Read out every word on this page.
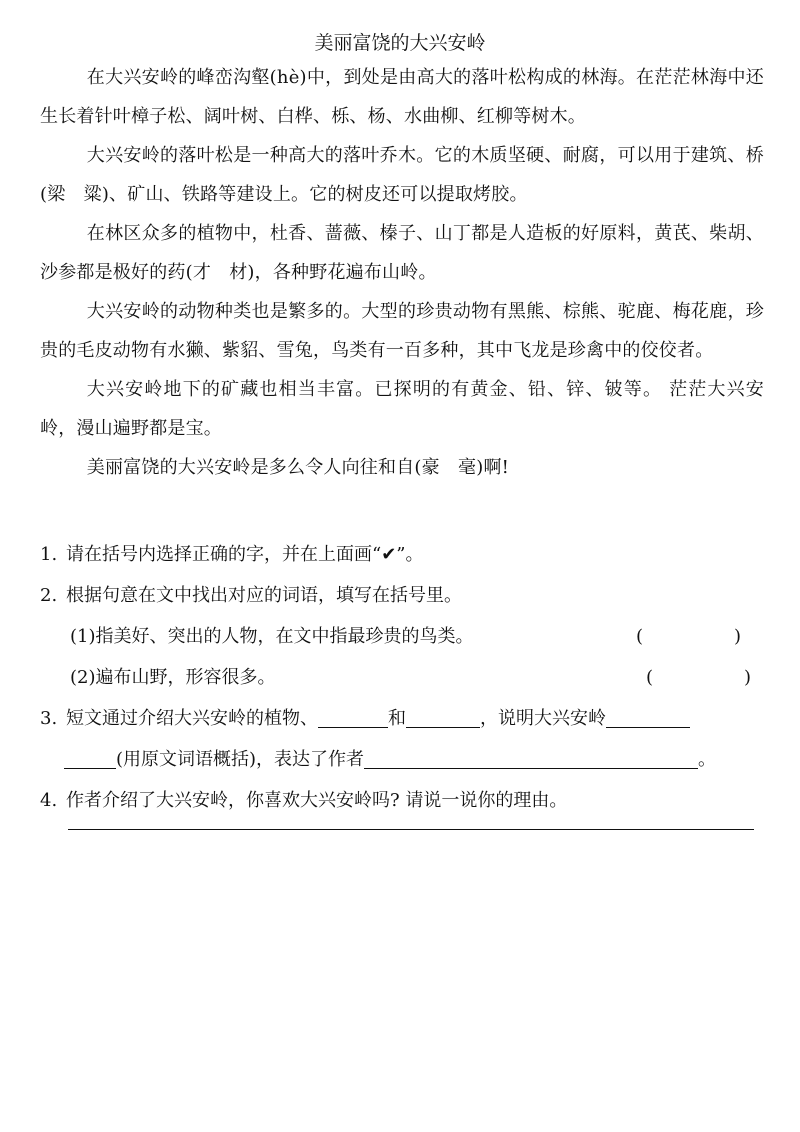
美丽富饶的大兴安岭

在大兴安岭的峰峦沟壑(hè)中，到处是由高大的落叶松构成的林海。在茫茫林海中还生长着针叶樟子松、阔叶树、白桦、栎、杨、水曲柳、红柳等树木。

大兴安岭的落叶松是一种高大的落叶乔木。它的木质坚硬、耐腐，可以用于建筑、桥(梁　粱)、矿山、铁路等建设上。它的树皮还可以提取烤胶。

在林区众多的植物中，杜香、蔷薇、榛子、山丁都是人造板的好原料，黄芪、柴胡、沙参都是极好的药(才　材)，各种野花遍布山岭。

大兴安岭的动物种类也是繁多的。大型的珍贵动物有黑熊、棕熊、驼鹿、梅花鹿，珍贵的毛皮动物有水獭、紫貂、雪兔，鸟类有一百多种，其中飞龙是珍禽中的佼佼者。

大兴安岭地下的矿藏也相当丰富。已探明的有黄金、铅、锌、铍等。 茫茫大兴安岭，漫山遍野都是宝。

美丽富饶的大兴安岭是多么令人向往和自(豪　毫)啊!

1. 请在括号内选择正确的字，并在上面画“✔”。
2. 根据句意在文中找出对应的词语，填写在括号里。
(1)指美好、突出的人物，在文中指最珍贵的鸟类。	(	)
(2)遍布山野，形容很多。	(	)
3. 短文通过介绍大兴安岭的植物、	和	，说明大兴安岭
(用原文词语概括)，表达了作者	。
4. 作者介绍了大兴安岭，你喜欢大兴安岭吗? 请说一说你的理由。
